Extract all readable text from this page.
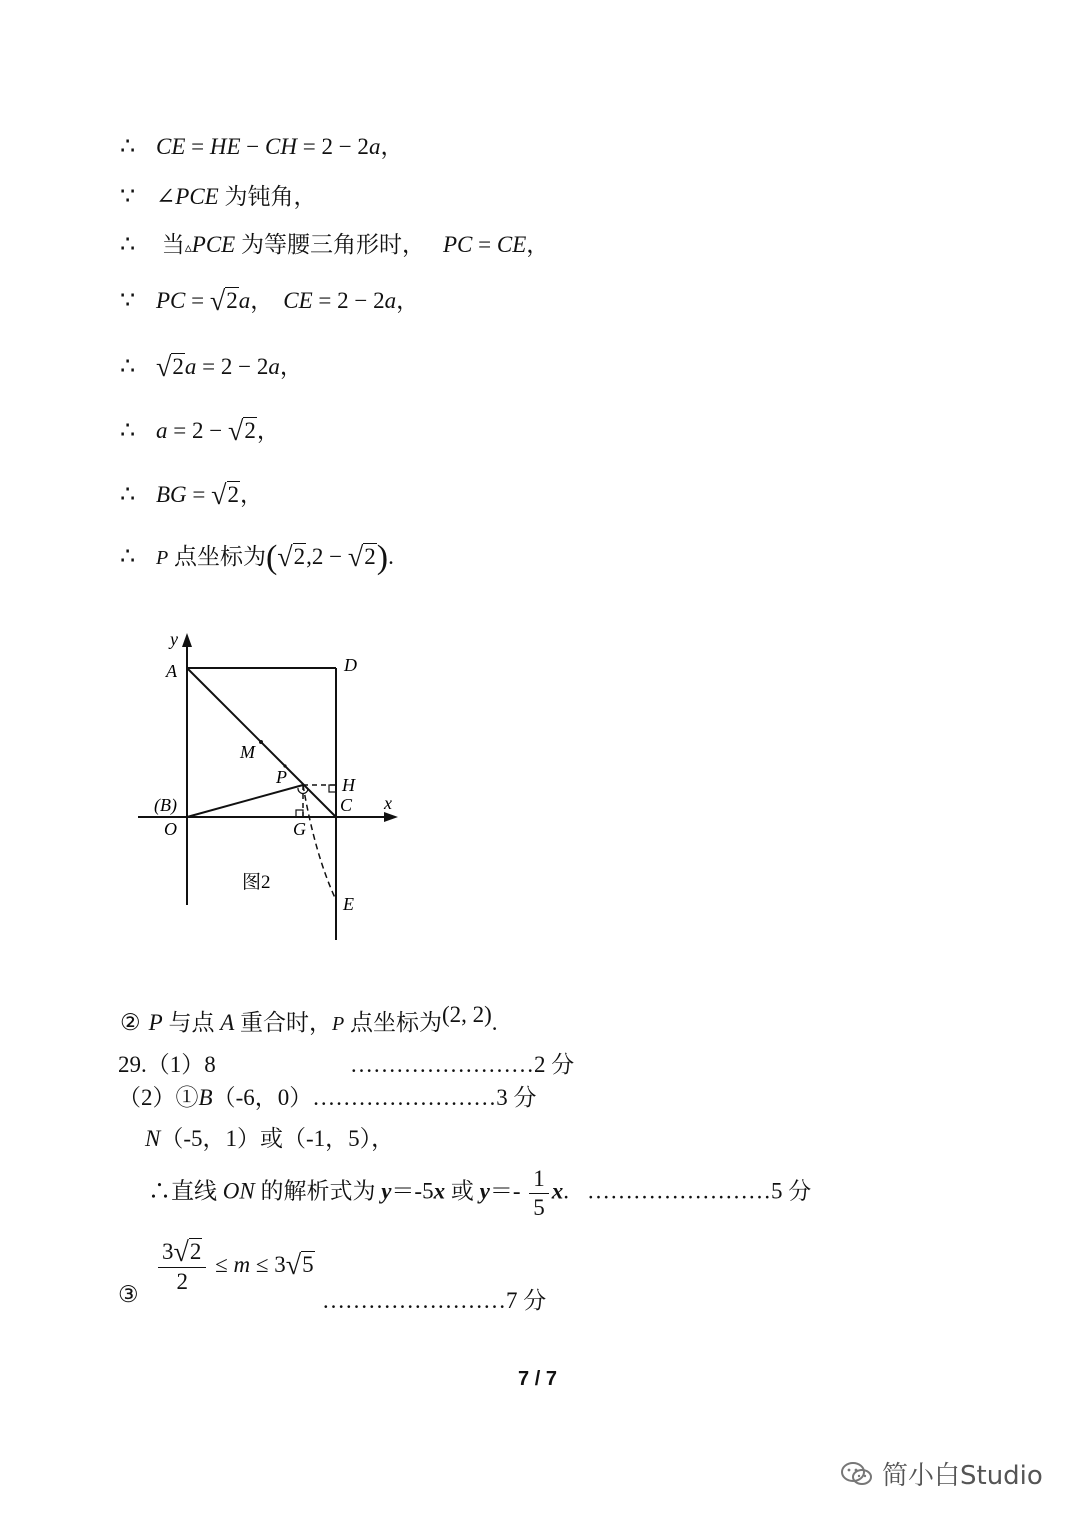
∴ CE = HE − CH = 2 − 2a，
∵ ∠PCE 为钝角，
∴ 当▵PCE 为等腰三角形时， PC = CE，
∵ PC = √2a， CE = 2 − 2a，
∴ √2a = 2 − 2a，
∴ a = 2 − √2，
∴ BG = √2，
∴ P 点坐标为(√2,2 − √2).
y
A	D
M
P	H
x
(B)	C
O	G
E
图2
② P 与点 A 重合时，P 点坐标为(2, 2).
29.（1）8	……………………2 分
（2）①B（-6，0）……………………3 分
N（-5，1）或（-1，5），
∴直线 ON 的解析式为 y＝-5x 或 $y=- \frac{1}{5} x$. ……………………5 分
③ $\frac{3√2}{2} \le m \le 3√5$
……………………7 分
7 / 7
简小白Studio
